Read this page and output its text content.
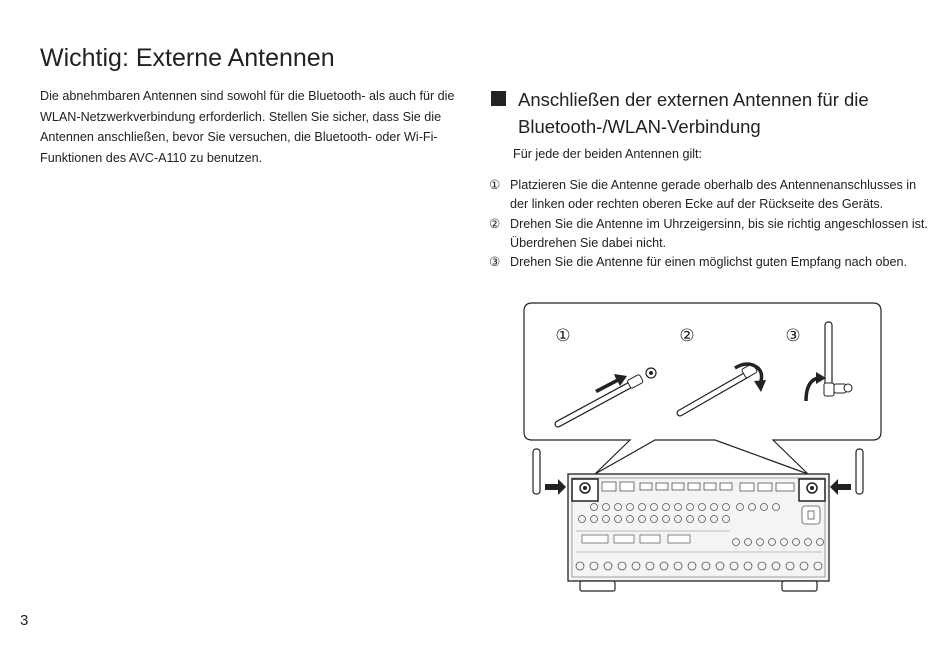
Wichtig: Externe Antennen

Die abnehmbaren Antennen sind sowohl für die Bluetooth- als auch für die WLAN-Netzwerkverbindung erforderlich. Stellen Sie sicher, dass Sie die Antennen anschließen, bevor Sie versuchen, die Bluetooth- oder Wi-Fi-Funktionen des AVC-A110 zu benutzen.

Anschließen der externen Antennen für die
Bluetooth-/WLAN-Verbindung
Für jede der beiden Antennen gilt:
① Platzieren Sie die Antenne gerade oberhalb des Antennenanschlusses in der linken oder rechten oberen Ecke auf der Rückseite des Geräts.
② Drehen Sie die Antenne im Uhrzeigersinn, bis sie richtig angeschlossen ist. Überdrehen Sie dabei nicht.
③ Drehen Sie die Antenne für einen möglichst guten Empfang nach oben.
①	②	③
3
